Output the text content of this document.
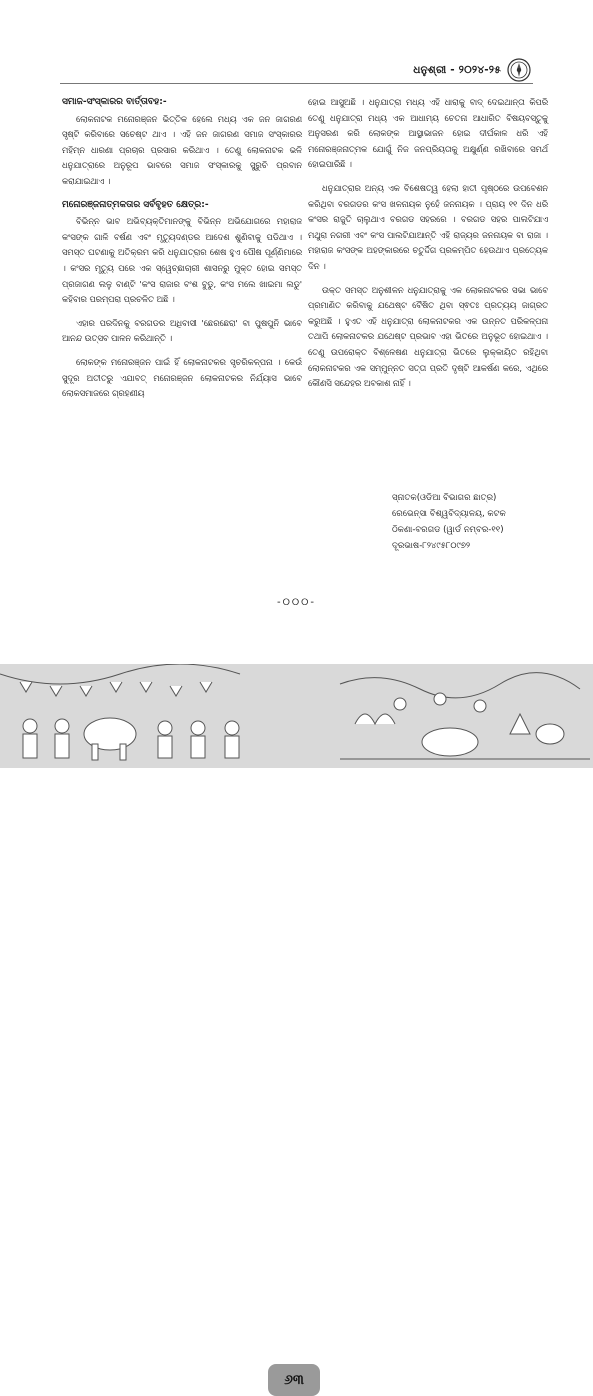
ଧନୁଶ୍ରୀ - ୨୦୨୪-୨୫
ସମାଜ-ସଂସ୍କାରର ବାର୍ତ୍ତାବହ:-

ଲୋକନାଟକ ମନୋରଞ୍ଜନ ଭିତ୍ତିକ ହେଲେ ମଧ୍ୟ ଏକ ଜନ ଜାଗରଣ ସୃଷ୍ଟି କରିବାରେ ସଚେଷ୍ଟ ଥାଏ । ଏହି ଜନ ଜାଗରଣ ସମାଜ ସଂସ୍କାରର ମହିମ୍ନ ଧାରଣା ପ୍ରଚାର ପ୍ରସାର କରିଥାଏ । ତେଣୁ ଲୋକନାଟକ ଭଳି ଧନୁଯାତ୍ରାରେ ଅନୁରୂପ ଭାବରେ ସମାଜ ସଂସ୍କାରକୁ ସୁରୁଚି ପ୍ରବାନ କରାଯାଇଥାଏ ।

ମନୋରଞ୍ଜନାତ୍ମକତାର ସର୍ବବୃହତ କ୍ଷେତ୍ର:-

ବିଭିନ୍ନ ଭାବ ଅଭିବ୍ୟକ୍ତିମାନଙ୍କୁ ବିଭିନ୍ନ ଅଭିଯୋଗରେ ମହାରାଜ କଂସଙ୍କ ଗାଳି ବର୍ଷଣ ଏବଂ ମୃତ୍ୟୁଦଣ୍ଡର ଆଦେଶ ଶୁଣିବାକୁ ପଡିଥାଏ । ସମସ୍ତ ଘଟଣାକୁ ଅତିକ୍ରମ କରି ଧନୁଯାତ୍ରାର ଶେଷ ହୁଏ ପୌଷ ପୂର୍ଣ୍ଣିମାରେ । କଂସର ମୃତ୍ୟୁ ପରେ ଏକ ସ୍ୱେଚ୍ଛାଚାରୀ ଶାସନରୁ ମୁକ୍ତ ହୋଇ ସମସ୍ତ ପ୍ରଜାଗଣ ଲଳୁ ବାଣ୍ଟି 'କଂସ ରାଜାର ବଂଶ ବୁଡୁ, କଂସ ମଲେ ଖାଇମା ଲଡୁ' କହିବାର ପରମ୍ପରା ପ୍ରଚଳିତ ଅଛି ।

ଏହାର ପରଦିନକୁ ବରଗଡର ଅଧିବାସୀ 'ଛେରଛେରା' ବା ପୁଷପୁନି ଭାବେ ଆନନ୍ଦ ଉତ୍ସବ ପାଳନ କରିଥାନ୍ତି ।

ଲୋକଙ୍କ ମନୋରଞ୍ଜନ ପାଇଁ ହିଁ ଲୋକନାଟକର ସୃଚରିକଳ୍ପନା । କେଉଁ ସୁଦୂର ଅତୀତରୁ ଏଯାବତ୍ ମନୋରଞ୍ଜନ ଲୋକନାଟକର ନିର୍ଯ୍ୟାସ ଭାବେ ଲୋକସମାଜରେ ଗ୍ରହଣୀୟ

ହୋଇ ଆସୁଅଛି । ଧନୁଯାତ୍ରା ମଧ୍ୟ ଏହି ଧାରାକୁ ବାଦ୍ ଦେଇଥାନ୍ତା କିପରି ତେଣୁ ଧନୁଯାତ୍ରା ମଧ୍ୟ ଏକ ଆଧାମ୍ୟ ଚେତନା ଆଧାରିତ ବିଷୟବସ୍ତୁକୁ ଅନୁସରଣ କରି ଲୋକଙ୍କ ଆସ୍ଥାଭାଜନ ହୋଇ ଦୀର୍ଘକାଳ ଧରି ଏହି ମନୋରଞ୍ଜନାତ୍ମକ ଯୋଗୁଁ ନିଜ ଜନପ୍ରିୟତାକୁ ଅକ୍ଷୁର୍ଣ୍ଣ ରଖିବାରେ ସମର୍ଥ ହୋଇପାରିଛି ।

ଧନୁଯାତ୍ରାର ଅନ୍ୟ ଏକ ବିଶେଷତ୍ୱ ହେଲା ହାତୀ ପୃଷ୍ଠରେ ଉପବେଶନ କରିଥିବା ବରଗଡର କଂସ ଖଳନାୟକ ନୁହେଁ ଜନନାୟକ । ପ୍ରାୟ ୧୧ ଦିନ ଧରି କଂସର ରାଜୁତି ଚାଲୁଥାଏ ବରଗଡ ସହରରେ । ବରଗଡ ସହର ପାଲଟିଯାଏ ମଥୁରା ନଗରୀ ଏବଂ କଂସ ପାଲଟିଯାଆନ୍ତି ଏହି ରାଜ୍ୟର ଜନନାୟକ ବା ରାଜା । ମହାରାଜ କଂସଙ୍କ ଅହଙ୍କାରରେ ଚତୁର୍ଦ୍ଦିଗ ପ୍ରକମ୍ପିତ ହେଉଥାଏ ପ୍ରତ୍ୟେକ ଦିନ ।

ଉକ୍ତ ସମସ୍ତ ଅନୁଶୀଳନ ଧନୁଯାତ୍ରାକୁ ଏକ ଲୋକନାଟକର ସଭା ଭାବେ ପ୍ରମାଣିତ କରିବାକୁ ଯଥେଷ୍ଟ ବୈଷିତ ଥିବା ସ୍ଵତଃ ପ୍ରତ୍ୟୟ ଜାଗ୍ରତ କରୁଅଛି । ହୁଏତ ଏହି ଧନୁଯାତ୍ରା ଲୋକନାଟକର ଏକ ଉନ୍ନତ ପରିକଳ୍ପନା ତଥାପି ଲୋକନାଟକର ଯଥେଷ୍ଟ ପ୍ରଭାବ ଏହା ଭିତରେ ଅନୁଭୂତ ହୋଇଥାଏ । ତେଣୁ ଉପରୋକ୍ତ ବିଶ୍ଳେଷଣ ଧନୁଯାତ୍ରା ଭିତରେ ଲୁକ୍କାୟିତ ରହିଥିବା ଲୋକନାଟକର ଏକ ସମ୍ମୁନ୍ନତ ସତ୍ତା ପ୍ରତି ଦୃଷ୍ଟି ଆକର୍ଷଣ କରେ, ଏଥିରେ କୌଣସି ସନ୍ଦେହର ଅବକାଶ ନାହିଁ ।

ସ୍ନାତକ(ଓଡିଆ ବିଭାଗର ଛାତ୍ର)
ରେଭେନ୍ସା ବିଶ୍ୱବିଦ୍ୟାଳୟ, କଟକ
ଠିକଣା-ବରଗଡ (ୱାର୍ଡ ନମ୍ବର-୧୧)
ଦୂରଭାଷ-୮୨୪୯୫୮୦୯୭୨
-୦୦୦-
୬୩
